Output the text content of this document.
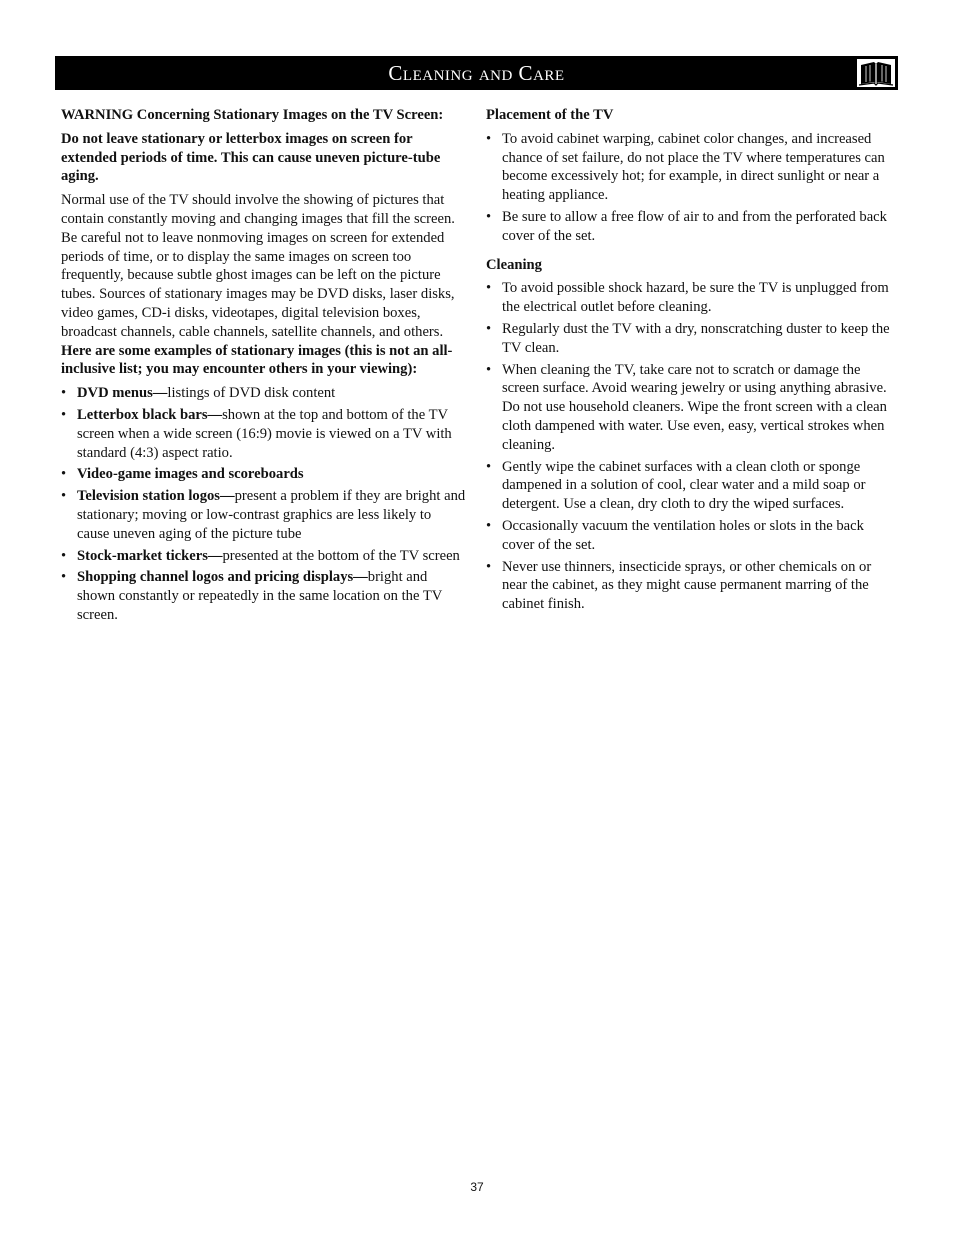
Cleaning and Care

WARNING Concerning Stationary Images on the TV Screen:

Do not leave stationary or letterbox images on screen for extended periods of time. This can cause uneven picture-tube aging.

Normal use of the TV should involve the showing of pictures that contain constantly moving and changing images that fill the screen. Be careful not to leave nonmoving images on screen for extended periods of time, or to display the same images on screen too frequently, because subtle ghost images can be left on the picture tubes. Sources of stationary images may be DVD disks, laser disks, video games, CD-i disks, videotapes, digital television boxes, broadcast channels, cable channels, satellite channels, and others. Here are some examples of stationary images (this is not an all-inclusive list; you may encounter others in your viewing):

• DVD menus—listings of DVD disk content
• Letterbox black bars—shown at the top and bottom of the TV screen when a wide screen (16:9) movie is viewed on a TV with standard (4:3) aspect ratio.
• Video-game images and scoreboards
• Television station logos—present a problem if they are bright and stationary; moving or low-contrast graphics are less likely to cause uneven aging of the picture tube
• Stock-market tickers—presented at the bottom of the TV screen
• Shopping channel logos and pricing displays—bright and shown constantly or repeatedly in the same location on the TV screen.

Placement of the TV

• To avoid cabinet warping, cabinet color changes, and increased chance of set failure, do not place the TV where temperatures can become excessively hot; for example, in direct sunlight or near a heating appliance.
• Be sure to allow a free flow of air to and from the perforated back cover of the set.

Cleaning

• To avoid possible shock hazard, be sure the TV is unplugged from the electrical outlet before cleaning.
• Regularly dust the TV with a dry, nonscratching duster to keep the TV clean.
• When cleaning the TV, take care not to scratch or damage the screen surface. Avoid wearing jewelry or using anything abrasive. Do not use household cleaners. Wipe the front screen with a clean cloth dampened with water. Use even, easy, vertical strokes when cleaning.
• Gently wipe the cabinet surfaces with a clean cloth or sponge dampened in a solution of cool, clear water and a mild soap or detergent. Use a clean, dry cloth to dry the wiped surfaces.
• Occasionally vacuum the ventilation holes or slots in the back cover of the set.
• Never use thinners, insecticide sprays, or other chemicals on or near the cabinet, as they might cause permanent marring of the cabinet finish.
37
